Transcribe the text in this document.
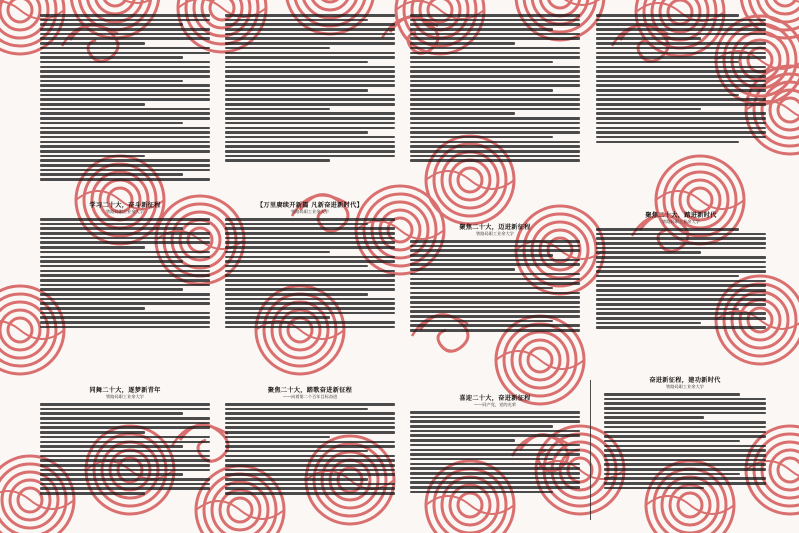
学习二十大，奋斗新征程
铁路局职工业余大学
【万里赓续开新篇 凡新奋进新时代】
铁路局职工业余大学
聚焦二十大，迈进新征程
铁路局职工业余大学
聚焦二十大，踏进新时代
铁路局职工业余大学
同舞二十大，逐梦新青年
铁路局职工业余大学
聚焦二十大，踏歌奋进新征程
——向着第二个百年目标奋进	喜迎二十大，奋进新征程
——同产党，党的光荣
奋进新征程，建功新时代
铁路局职工业余大学
